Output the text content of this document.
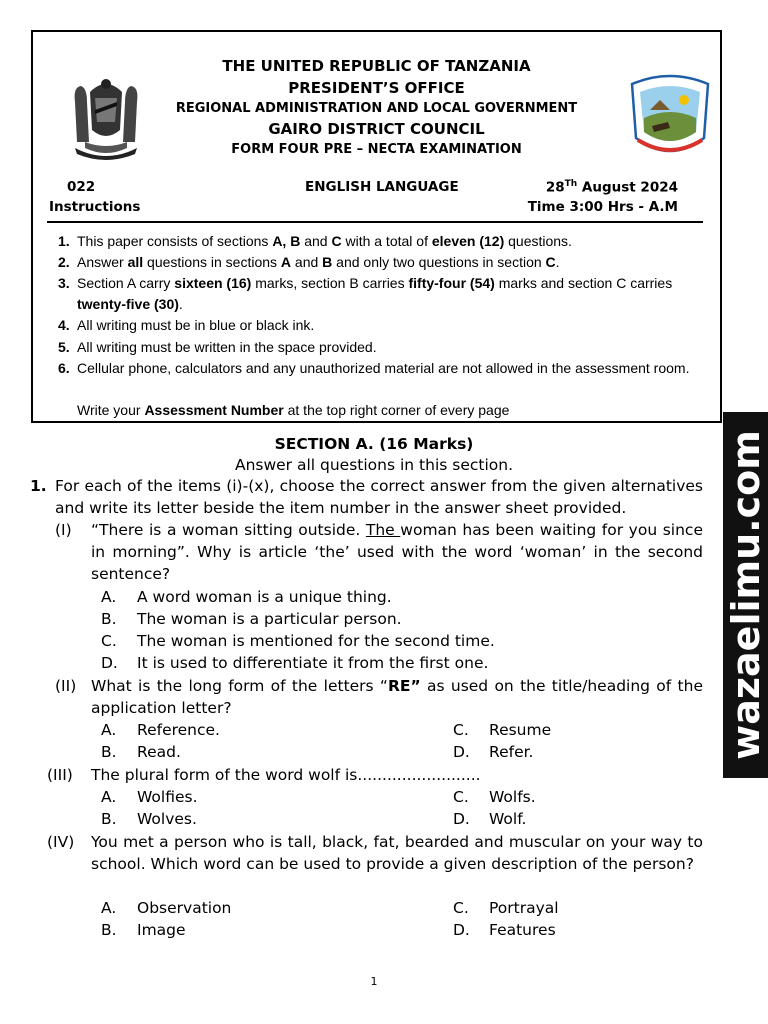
THE UNITED REPUBLIC OF TANZANIA
PRESIDENT’S OFFICE
REGIONAL ADMINISTRATION AND LOCAL GOVERNMENT
GAIRO DISTRICT COUNCIL
FORM FOUR PRE – NECTA EXAMINATION
022
Instructions
ENGLISH LANGUAGE	28Th August 2024
Time 3:00 Hrs - A.M
1. This paper consists of sections A, B and C with a total of eleven (12) questions.
2. Answer all questions in sections A and B and only two questions in section C.
3. Section A carry sixteen (16) marks, section B carries fifty-four (54) marks and section C carries twenty-five (30).
4. All writing must be in blue or black ink.
5. All writing must be written in the space provided.
6. Cellular phone, calculators and any unauthorized material are not allowed in the assessment room.
Write your Assessment Number at the top right corner of every page
SECTION A. (16 Marks)
Answer all questions in this section.
1. For each of the items (i)-(x), choose the correct answer from the given alternatives and write its letter beside the item number in the answer sheet provided.
(I) “There is a woman sitting outside. The woman has been waiting for you since in morning”. Why is article ‘the’ used with the word ‘woman’ in the second sentence?
A. A word woman is a unique thing.
B. The woman is a particular person.
C. The woman is mentioned for the second time.
D. It is used to differentiate it from the first one.
(II) What is the long form of the letters “RE” as used on the title/heading of the application letter?
A. Reference.	C. Resume
B. Read.	D. Refer.
(III) The plural form of the word wolf is.........................
A. Wolfies.	C. Wolfs.
B. Wolves.	D. Wolf.
(IV) You met a person who is tall, black, fat, bearded and muscular on your way to school. Which word can be used to provide a given description of the person?
A. Observation	C. Portrayal
B. Image	D. Features
1
wazaelimu.com
